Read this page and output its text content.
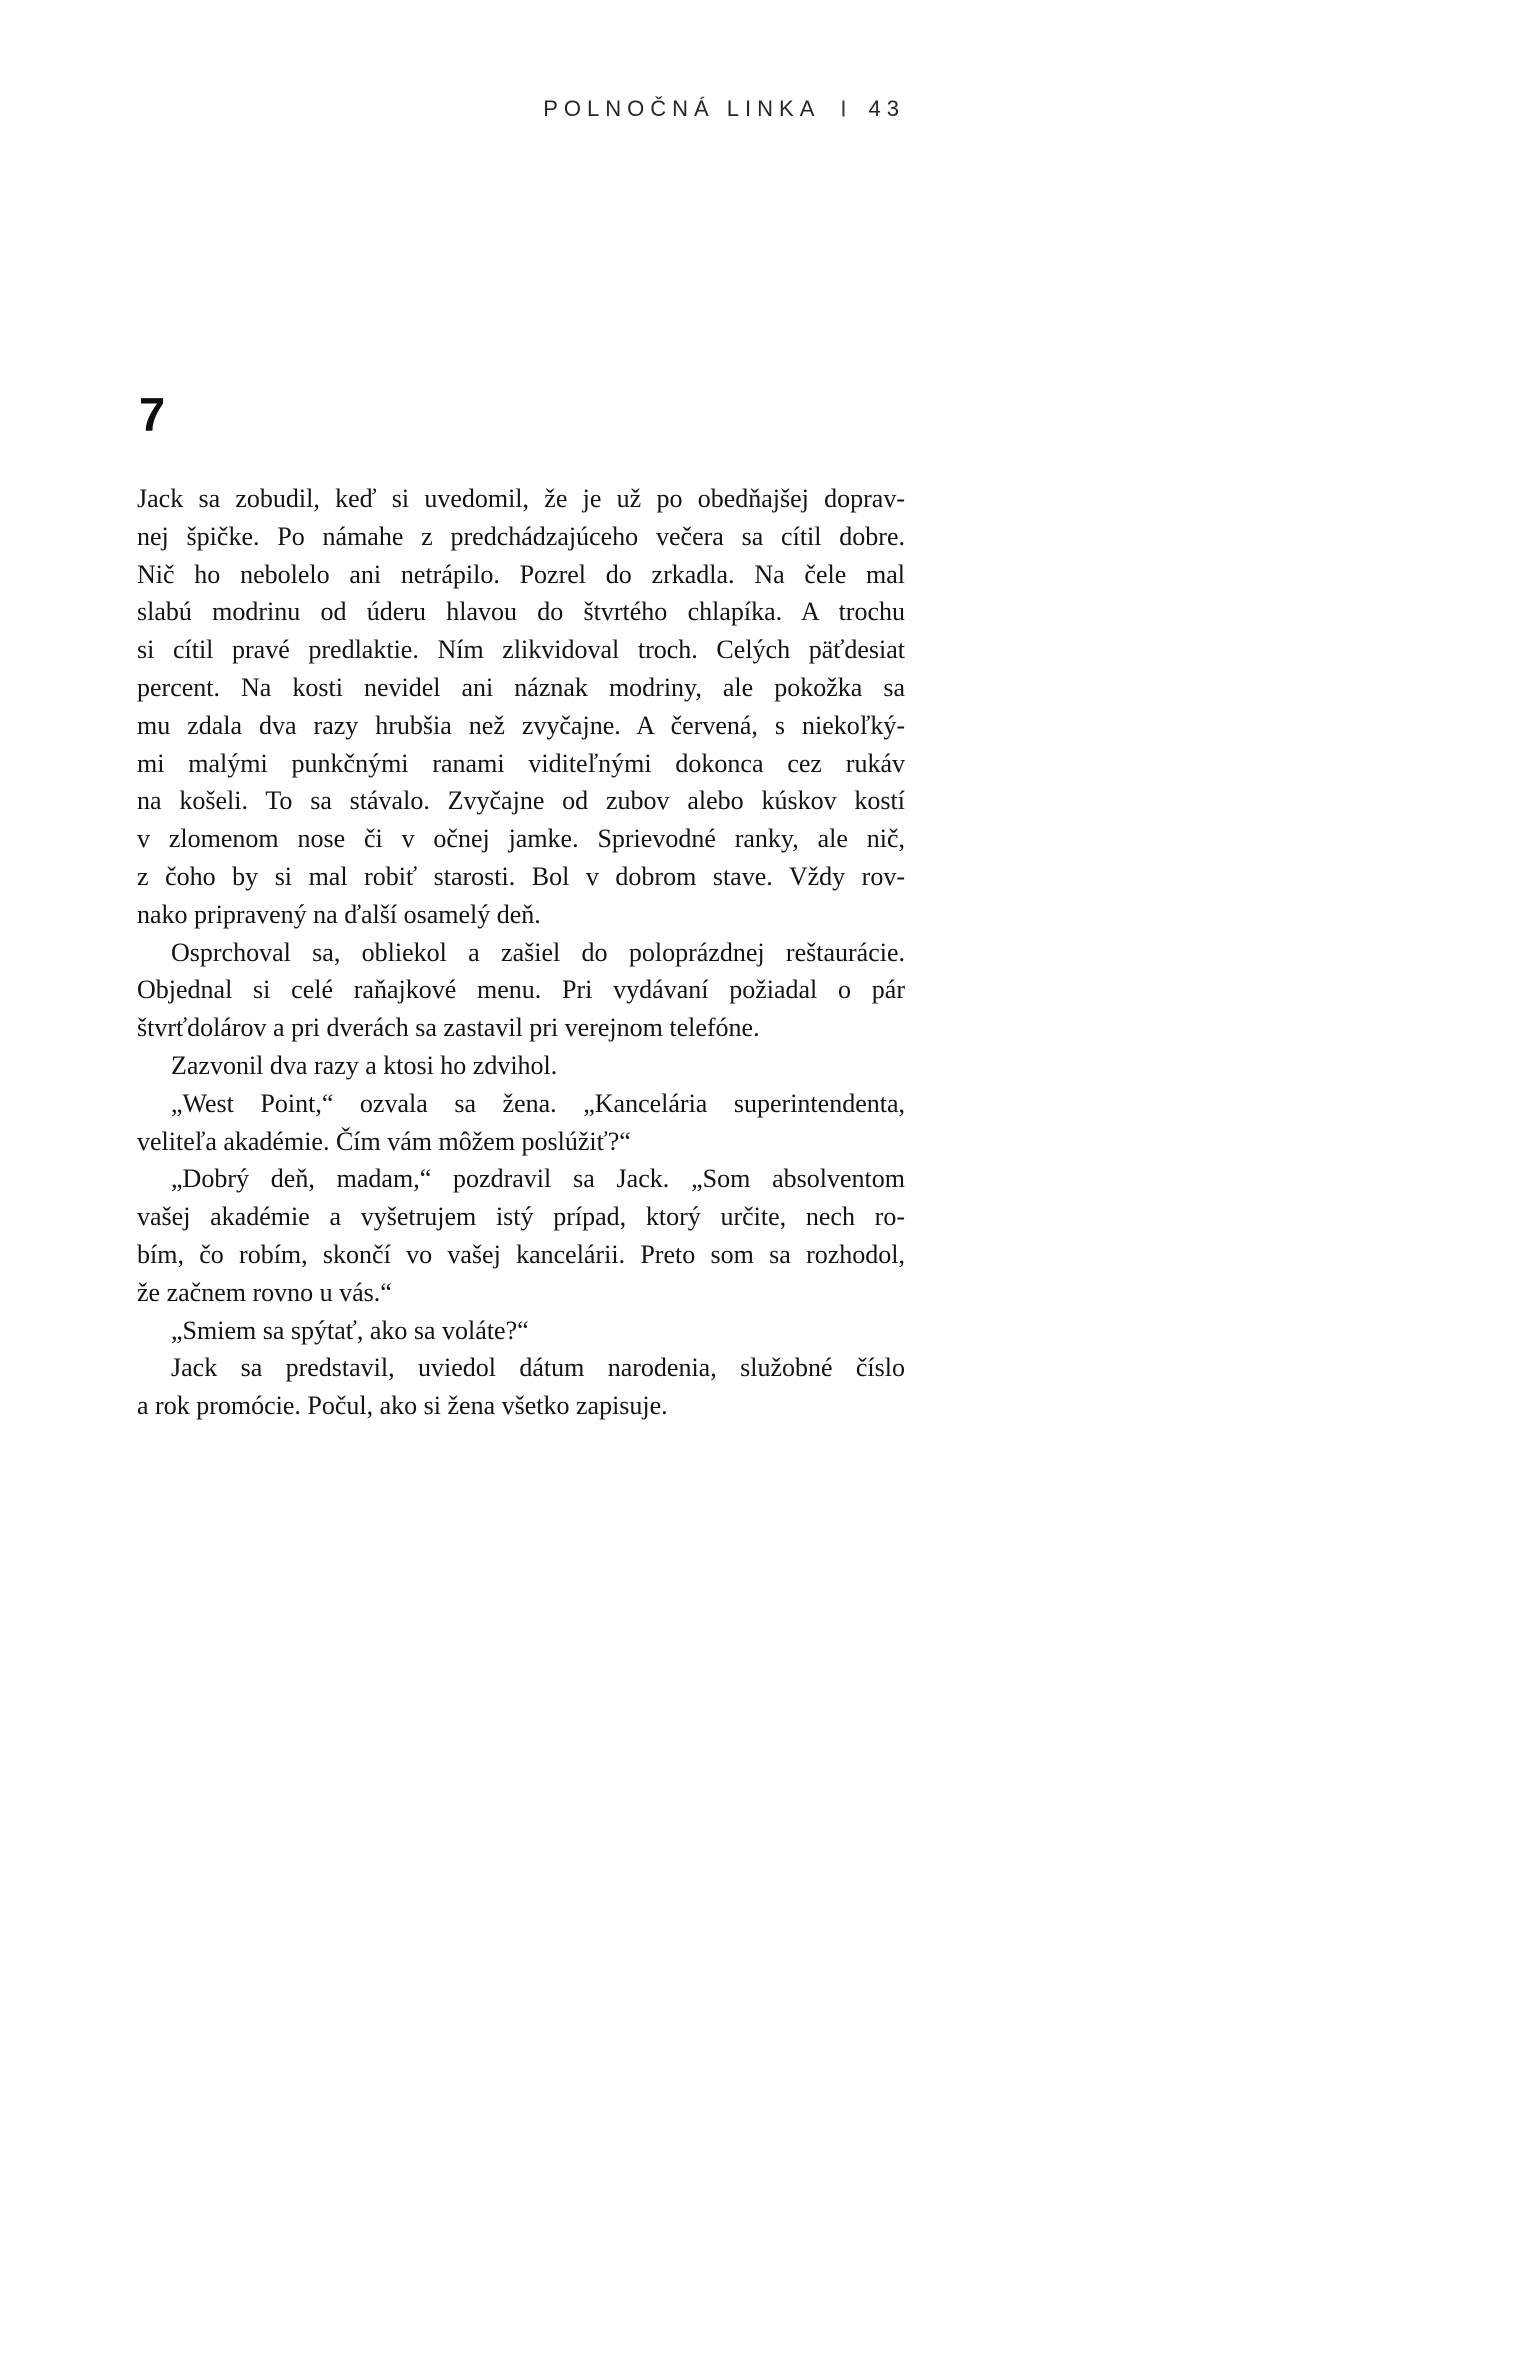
POLNOČNÁ LINKA I 43
7
Jack sa zobudil, keď si uvedomil, že je už po obedňajšej doprav-
nej špičke. Po námahe z predchádzajúceho večera sa cítil dobre.
Nič ho nebolelo ani netrápilo. Pozrel do zrkadla. Na čele mal
slabú modrinu od úderu hlavou do štvrtého chlapíka. A trochu
si cítil pravé predlaktie. Ním zlikvidoval troch. Celých päťdesiat
percent. Na kosti nevidel ani náznak modriny, ale pokožka sa
mu zdala dva razy hrubšia než zvyčajne. A červená, s niekoľký-
mi malými punkčnými ranami viditeľnými dokonca cez rukáv
na košeli. To sa stávalo. Zvyčajne od zubov alebo kúskov kostí
v zlomenom nose či v očnej jamke. Sprievodné ranky, ale nič,
z čoho by si mal robiť starosti. Bol v dobrom stave. Vždy rov-
nako pripravený na ďalší osamelý deň.
Osprchoval sa, obliekol a zašiel do poloprázdnej reštaurácie.
Objednal si celé raňajkové menu. Pri vydávaní požiadal o pár
štvrťdolárov a pri dverách sa zastavil pri verejnom telefóne.
Zazvonil dva razy a ktosi ho zdvihol.
„West Point,“ ozvala sa žena. „Kancelária superintendenta,
veliteľa akadémie. Čím vám môžem poslúžiť?“
„Dobrý deň, madam,“ pozdravil sa Jack. „Som absolventom
vašej akadémie a vyšetrujem istý prípad, ktorý určite, nech ro-
bím, čo robím, skončí vo vašej kancelárii. Preto som sa rozhodol,
že začnem rovno u vás.“
„Smiem sa spýtať, ako sa voláte?“
Jack sa predstavil, uviedol dátum narodenia, služobné číslo
a rok promócie. Počul, ako si žena všetko zapisuje.
